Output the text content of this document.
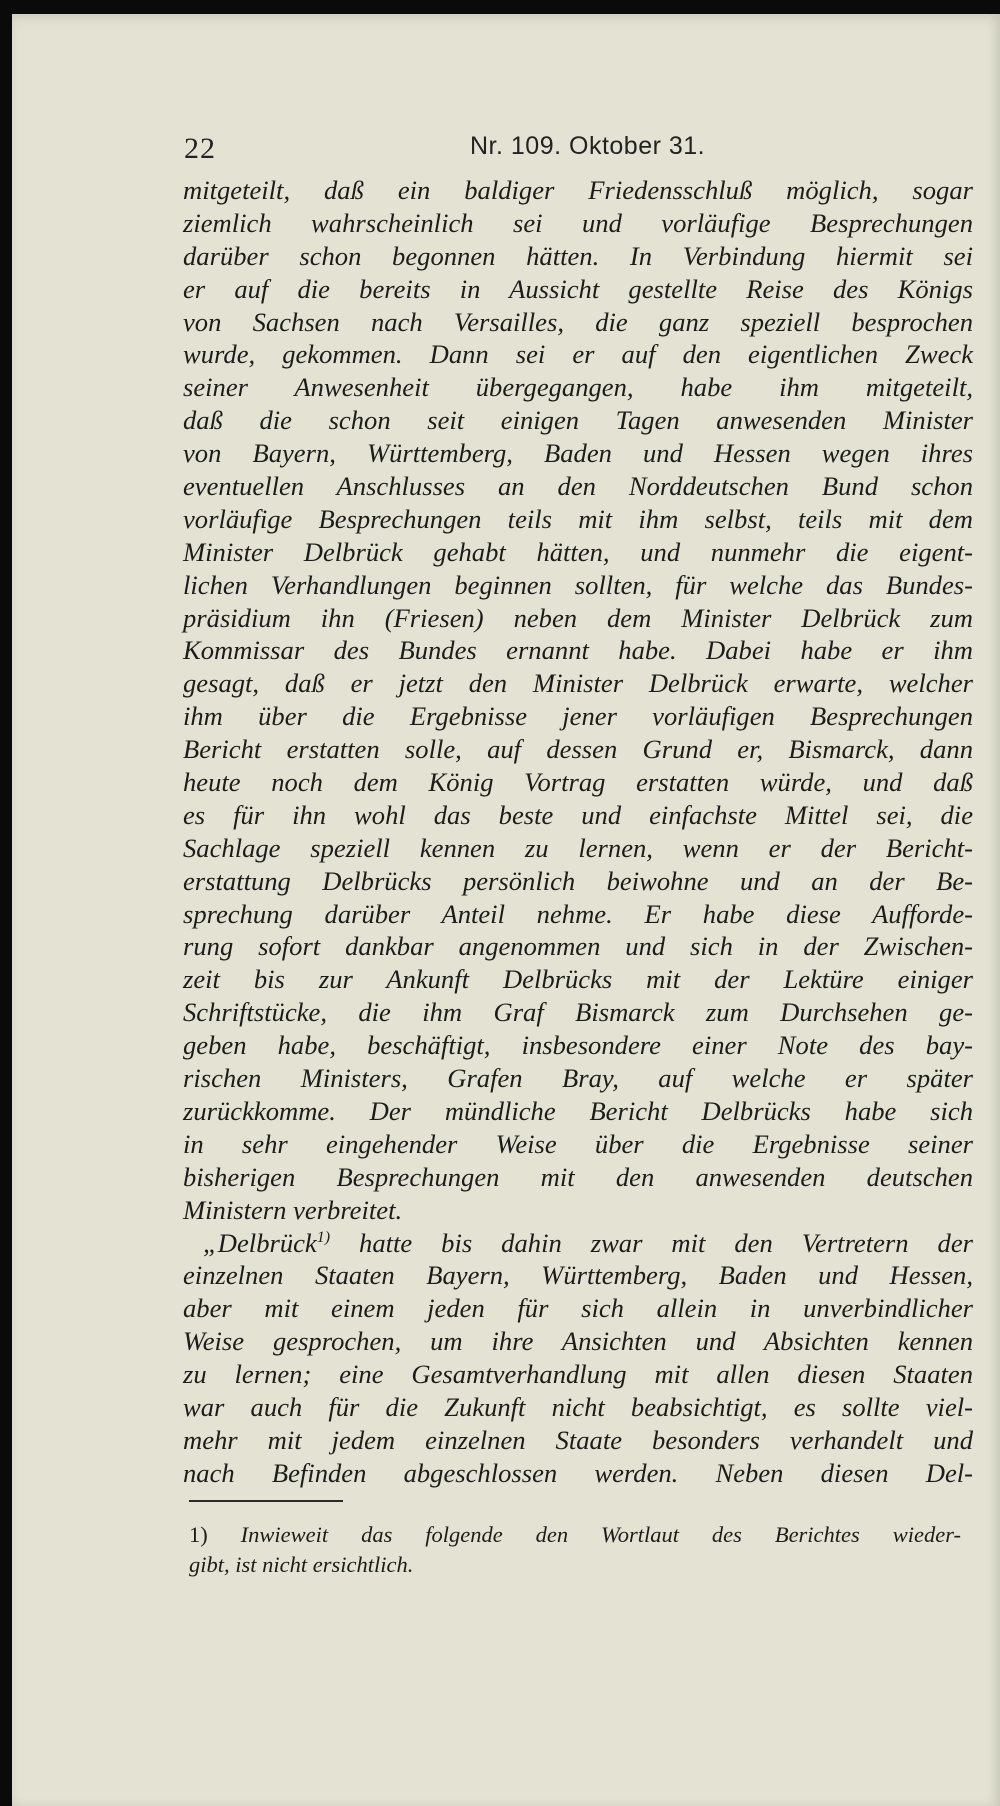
22	Nr. 109. Oktober 31.
mitgeteilt, daß ein baldiger Friedensschluß möglich, sogar
ziemlich wahrscheinlich sei und vorläufige Besprechungen
darüber schon begonnen hätten. In Verbindung hiermit sei
er auf die bereits in Aussicht gestellte Reise des Königs
von Sachsen nach Versailles, die ganz speziell besprochen
wurde, gekommen. Dann sei er auf den eigentlichen Zweck
seiner Anwesenheit übergegangen, habe ihm mitgeteilt,
daß die schon seit einigen Tagen anwesenden Minister
von Bayern, Württemberg, Baden und Hessen wegen ihres
eventuellen Anschlusses an den Norddeutschen Bund schon
vorläufige Besprechungen teils mit ihm selbst, teils mit dem
Minister Delbrück gehabt hätten, und nunmehr die eigent-
lichen Verhandlungen beginnen sollten, für welche das Bundes-
präsidium ihn (Friesen) neben dem Minister Delbrück zum
Kommissar des Bundes ernannt habe. Dabei habe er ihm
gesagt, daß er jetzt den Minister Delbrück erwarte, welcher
ihm über die Ergebnisse jener vorläufigen Besprechungen
Bericht erstatten solle, auf dessen Grund er, Bismarck, dann
heute noch dem König Vortrag erstatten würde, und daß
es für ihn wohl das beste und einfachste Mittel sei, die
Sachlage speziell kennen zu lernen, wenn er der Bericht-
erstattung Delbrücks persönlich beiwohne und an der Be-
sprechung darüber Anteil nehme. Er habe diese Aufforde-
rung sofort dankbar angenommen und sich in der Zwischen-
zeit bis zur Ankunft Delbrücks mit der Lektüre einiger
Schriftstücke, die ihm Graf Bismarck zum Durchsehen ge-
geben habe, beschäftigt, insbesondere einer Note des bay-
rischen Ministers, Grafen Bray, auf welche er später
zurückkomme. Der mündliche Bericht Delbrücks habe sich
in sehr eingehender Weise über die Ergebnisse seiner
bisherigen Besprechungen mit den anwesenden deutschen
Ministern verbreitet.
„Delbrück$^{1)}$ hatte bis dahin zwar mit den Vertretern der
einzelnen Staaten Bayern, Württemberg, Baden und Hessen,
aber mit einem jeden für sich allein in unverbindlicher
Weise gesprochen, um ihre Ansichten und Absichten kennen
zu lernen; eine Gesamtverhandlung mit allen diesen Staaten
war auch für die Zukunft nicht beabsichtigt, es sollte viel-
mehr mit jedem einzelnen Staate besonders verhandelt und
nach Befinden abgeschlossen werden. Neben diesen Del-
1) Inwieweit das folgende den Wortlaut des Berichtes wieder-
gibt, ist nicht ersichtlich.
